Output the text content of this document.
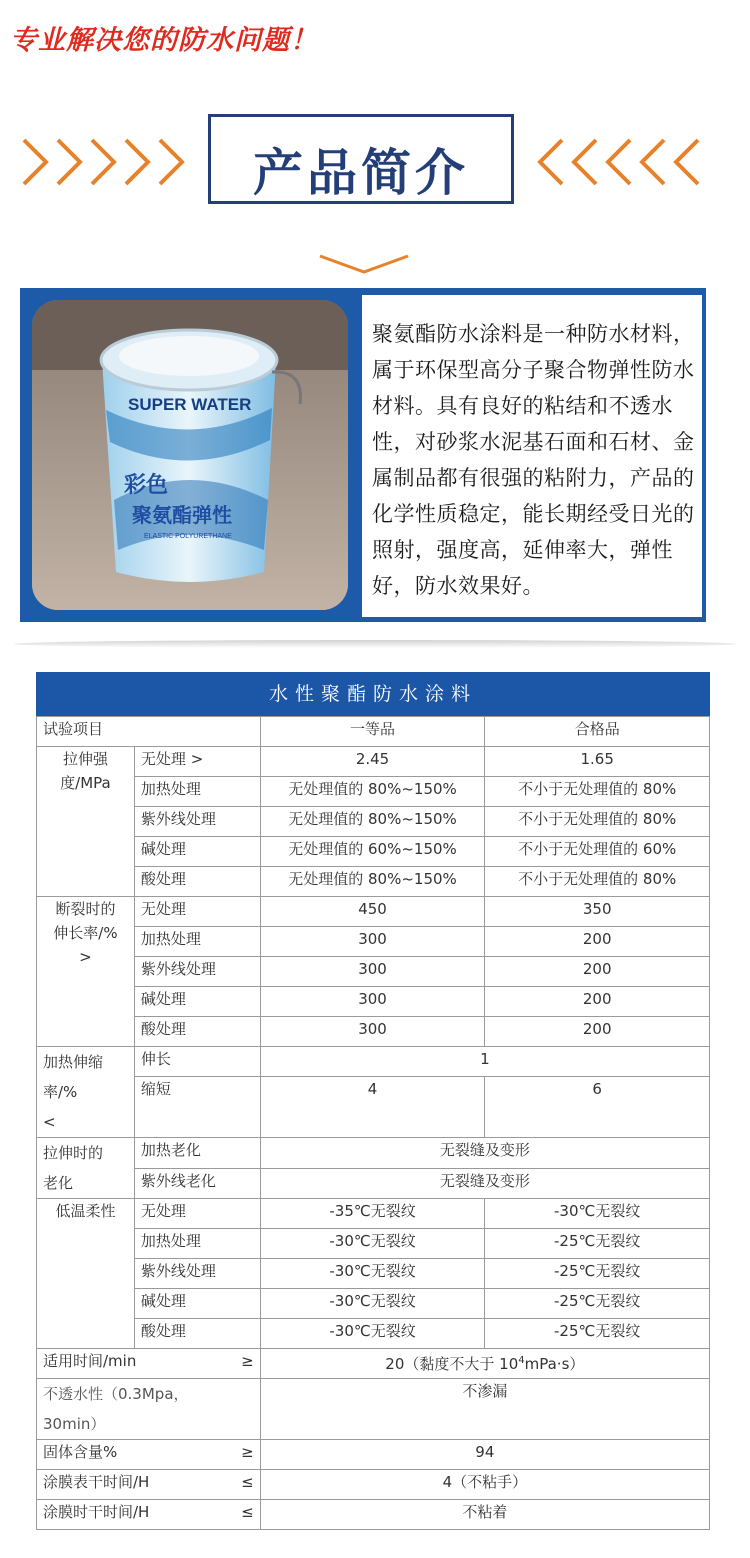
专业解决您的防水问题！
产品简介
SUPER WATER
彩色
聚氨酯弹性
ELASTIC POLYURETHANE
聚氨酯防水涂料是一种防水材料，属于环保型高分子聚合物弹性防水材料。具有良好的粘结和不透水性，对砂浆水泥基石面和石材、金属制品都有很强的粘附力，产品的化学性质稳定，能长期经受日光的照射，强度高，延伸率大，弹性好，防水效果好。
水性聚酯防水涂料
试验项目		一等品	合格品
拉伸强度/MPa	无处理 >	2.45	1.65
	加热处理	无处理值的 80%~150%	不小于无处理值的 80%
	紫外线处理	无处理值的 80%~150%	不小于无处理值的 80%
	碱处理	无处理值的 60%~150%	不小于无处理值的 60%
	酸处理	无处理值的 80%~150%	不小于无处理值的 80%

断裂时的
伸长率/%
>	无处理	450	350
	加热处理	300	200
	紫外线处理	300	200
	碱处理	300	200
	酸处理	300	200

加热伸缩
率/%
<	伸长	1	
	缩短	4	6

拉伸时的
老化	加热老化	无裂缝及变形	
	紫外线老化	无裂缝及变形	
低温柔性	无处理	-35℃无裂纹	-30℃无裂纹
	加热处理	-30℃无裂纹	-25℃无裂纹
	紫外线处理	-30℃无裂纹	-25℃无裂纹
	碱处理	-30℃无裂纹	-25℃无裂纹
	酸处理	-30℃无裂纹	-25℃无裂纹
适用时间/min ≥		20（黏度不大于 $10^4mPa\cdot s$）	

不透水性（0.3Mpa，
30min）		不渗漏	
固体含量% ≥		94	
涂膜表干时间/H ≤		4（不粘手）	
涂膜时干时间/H ≤		不粘着	
